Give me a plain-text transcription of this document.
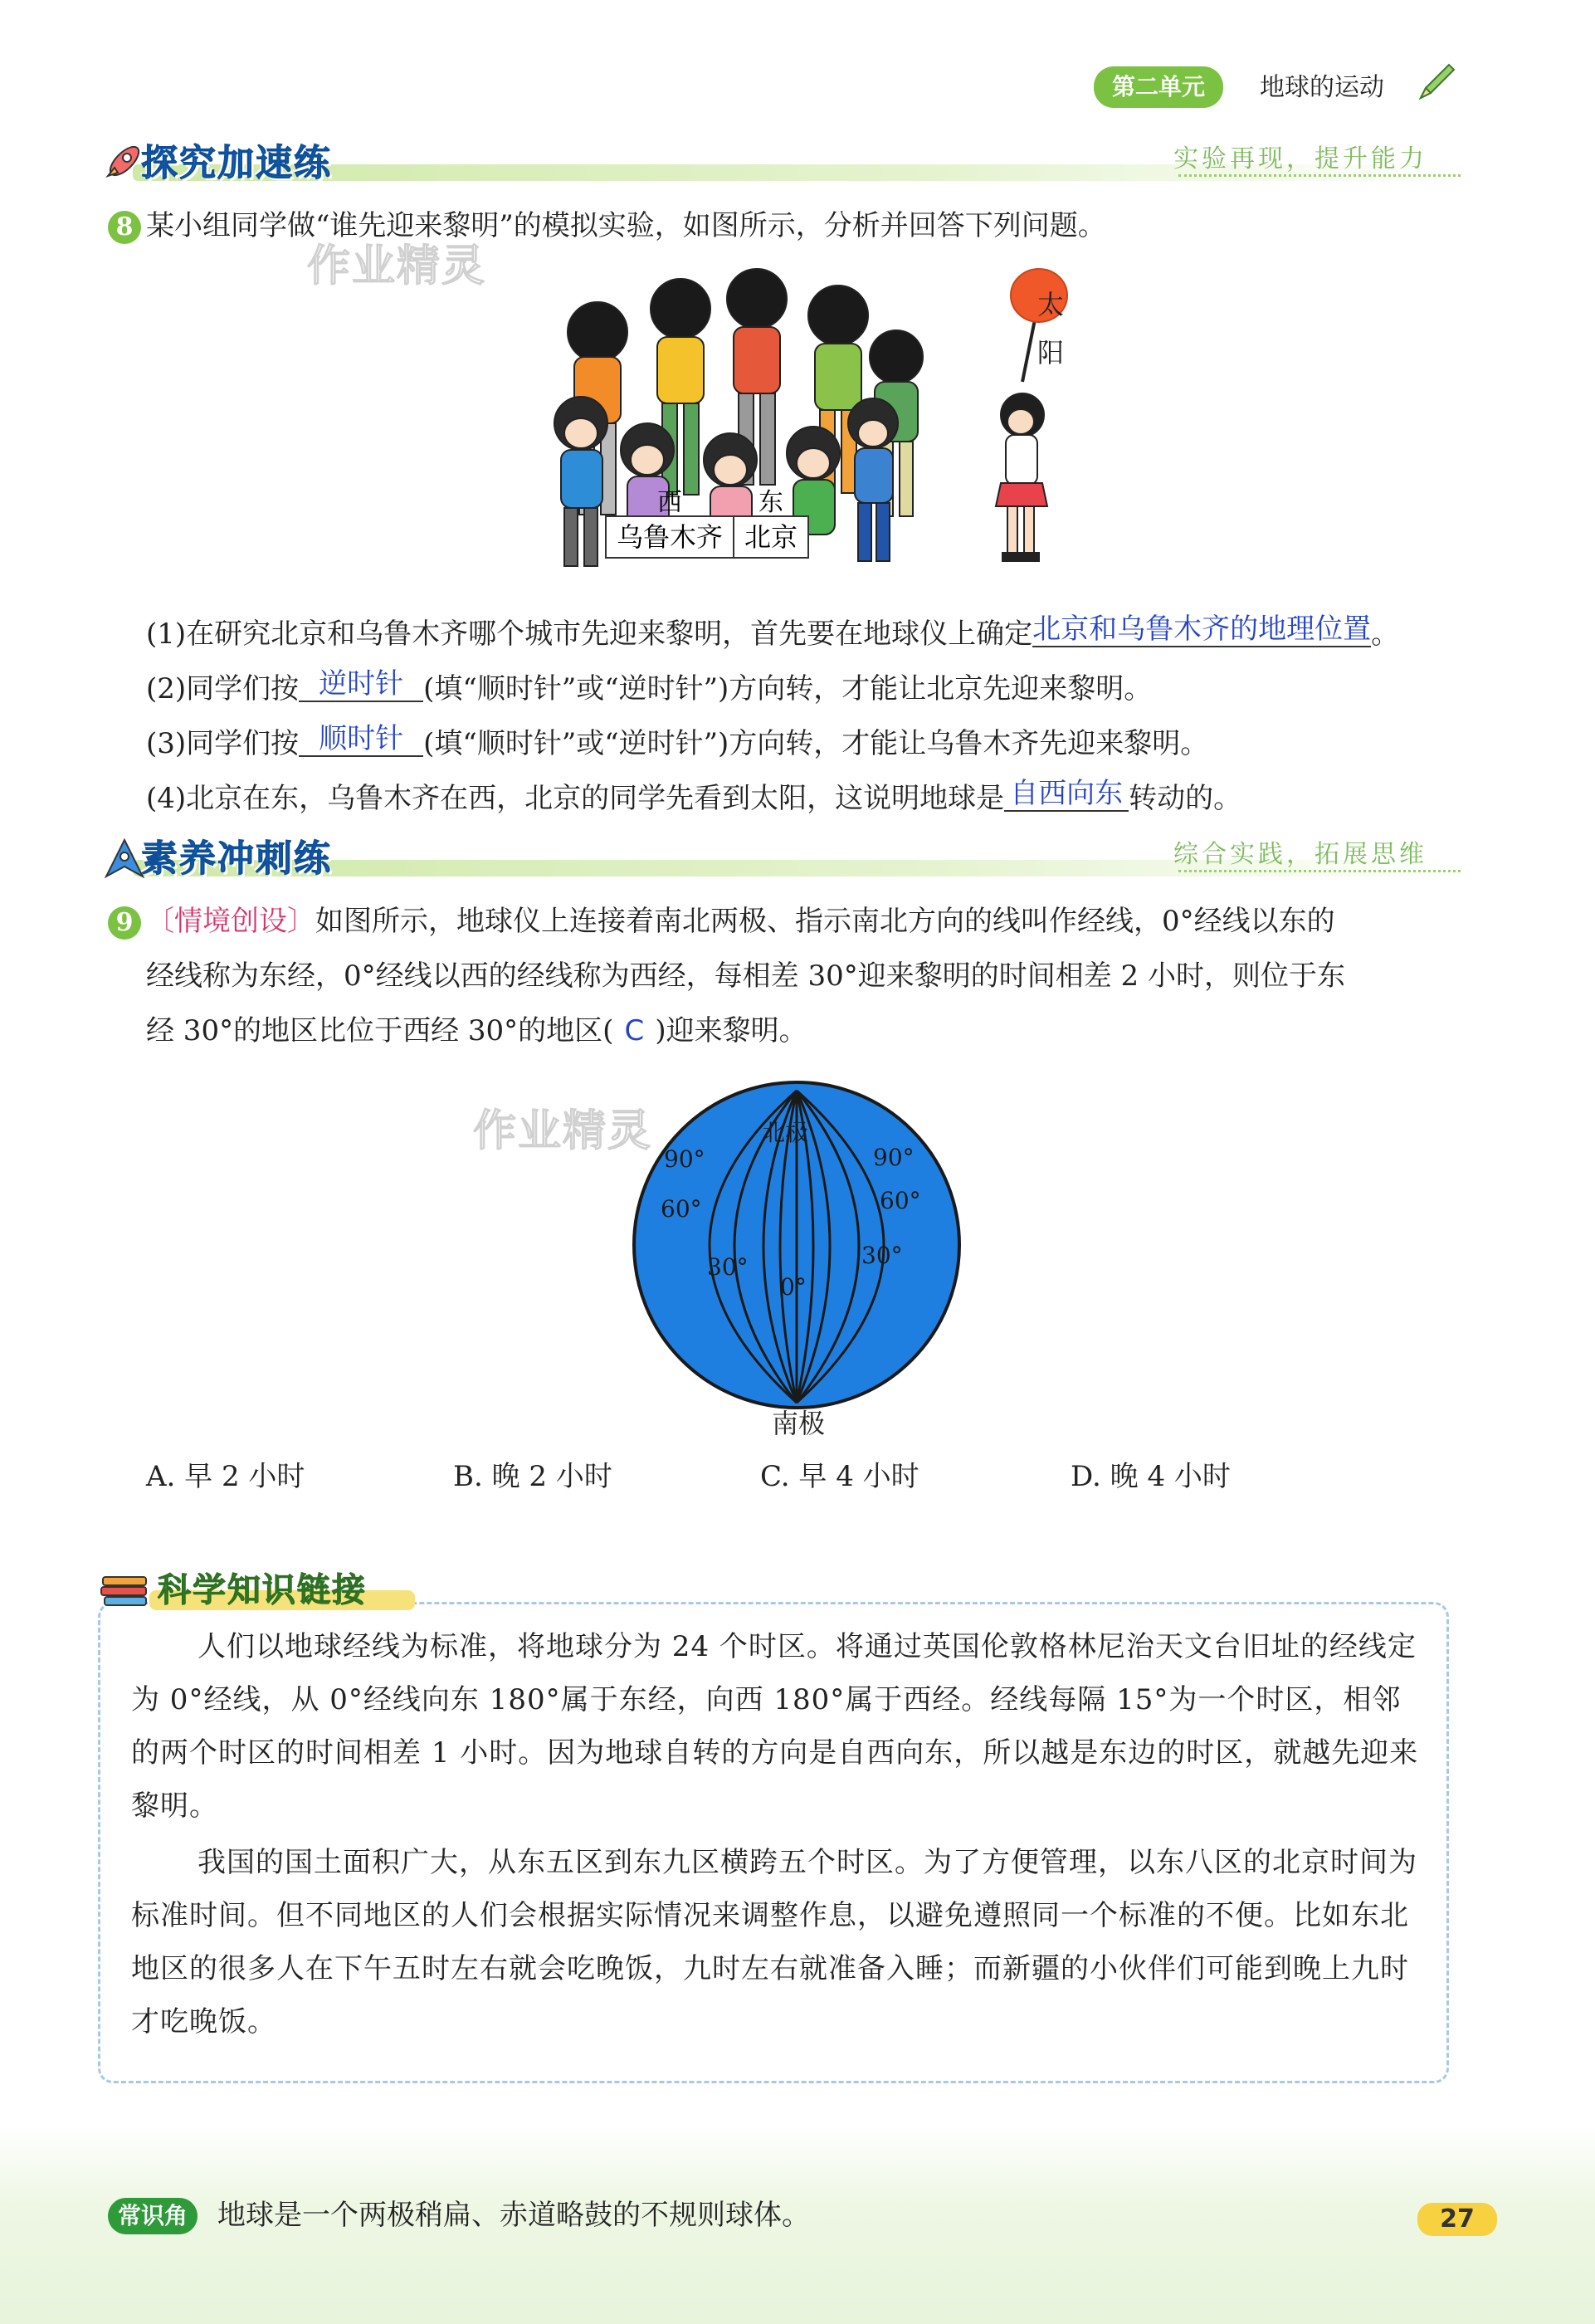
第二单元	地球的运动
探究加速练	实验再现，提升能力
8 某小组同学做“谁先迎来黎明”的模拟实验，如图所示，分析并回答下列问题。
作业精灵
西	东
乌鲁木齐 北京
太阳
(1)在研究北京和乌鲁木齐哪个城市先迎来黎明，首先要在地球仪上确定北京和乌鲁木齐的地理位置。
(2)同学们按 逆时针 (填“顺时针”或“逆时针”)方向转，才能让北京先迎来黎明。
(3)同学们按 顺时针 (填“顺时针”或“逆时针”)方向转，才能让乌鲁木齐先迎来黎明。
(4)北京在东，乌鲁木齐在西，北京的同学先看到太阳，这说明地球是 自西向东 转动的。
素养冲刺练	综合实践，拓展思维
9 〔情境创设〕如图所示，地球仪上连接着南北两极、指示南北方向的线叫作经线，0°经线以东的
经线称为东经，0°经线以西的经线称为西经，每相差 30°迎来黎明的时间相差 2 小时，则位于东
经 30°的地区比位于西经 30°的地区( C )迎来黎明。
作业精灵	北极
90°
60°
30°
0°
30°
60°
90°
南极
A. 早 2 小时	B. 晚 2 小时	C. 早 4 小时	D. 晚 4 小时
科学知识链接
人们以地球经线为标准，将地球分为 24 个时区。将通过英国伦敦格林尼治天文台旧址的经线定为 0°经线，从 0°经线向东 180°属于东经，向西 180°属于西经。经线每隔 15°为一个时区，相邻的两个时区的时间相差 1 小时。因为地球自转的方向是自西向东，所以越是东边的时区，就越先迎来黎明。
我国的国土面积广大，从东五区到东九区横跨五个时区。为了方便管理，以东八区的北京时间为标准时间。但不同地区的人们会根据实际情况来调整作息，以避免遵照同一个标准的不便。比如东北地区的很多人在下午五时左右就会吃晚饭，九时左右就准备入睡；而新疆的小伙伴们可能到晚上九时才吃晚饭。
常识角	地球是一个两极稍扁、赤道略鼓的不规则球体。	27
